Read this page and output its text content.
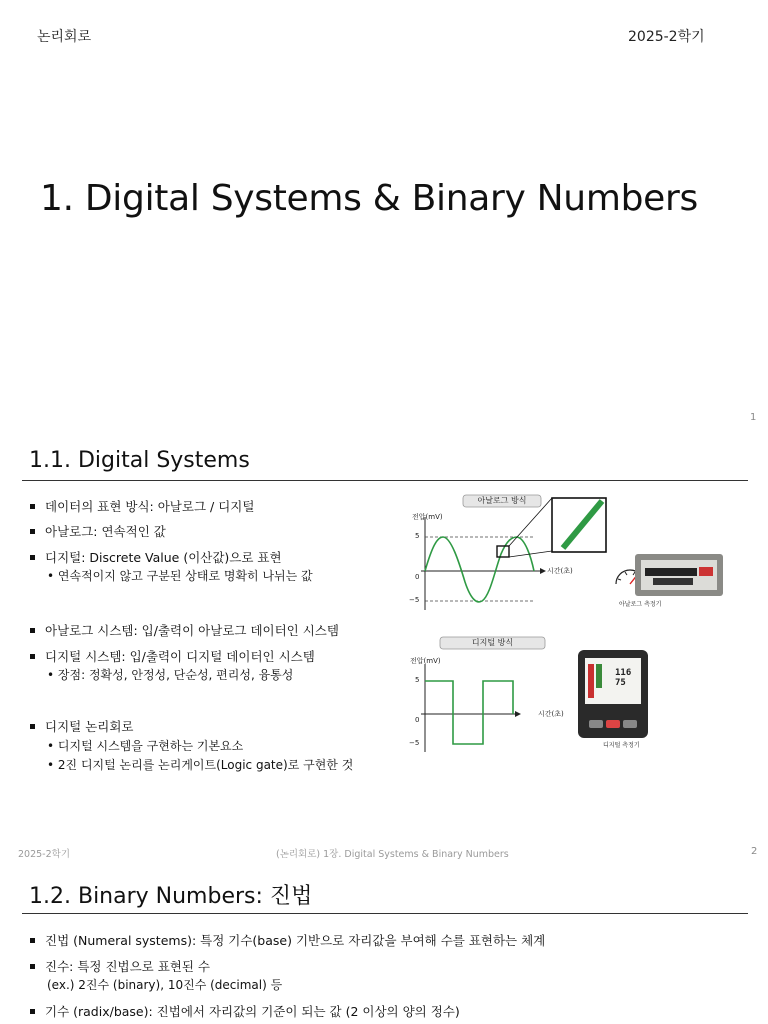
논리회로	2025-2학기
1. Digital Systems & Binary Numbers
1
1.1. Digital Systems
데이터의 표현 방식: 아날로그 / 디지털
아날로그: 연속적인 값
디지털: Discrete Value (이산값)으로 표현
• 연속적이지 않고 구분된 상태로 명확히 나뉘는 값
아날로그 시스템: 입/출력이 아날로그 데이터인 시스템
디지털 시스템: 입/출력이 디지털 데이터인 시스템
• 장점: 정확성, 안정성, 단순성, 편리성, 융통성
디지털 논리회로
• 디지털 시스템을 구현하는 기본요소
• 2진 디지털 논리를 논리게이트(Logic gate)로 구현한 것
아날로그 방식
전압(mV)
5
0
−5
시간(초)
아날로그 측정기
디지털 방식
전압(mV)
5
0
−5
시간(초)
116 75
디지털 측정기
2025-2학기	(논리회로) 1장. Digital Systems & Binary Numbers	2
1.2. Binary Numbers: 진법
진법 (Numeral systems): 특정 기수(base) 기반으로 자리값을 부여해 수를 표현하는 체계
진수: 특정 진법으로 표현된 수
(ex.) 2진수 (binary), 10진수 (decimal) 등
기수 (radix/base): 진법에서 자리값의 기준이 되는 값 (2 이상의 양의 정수)
